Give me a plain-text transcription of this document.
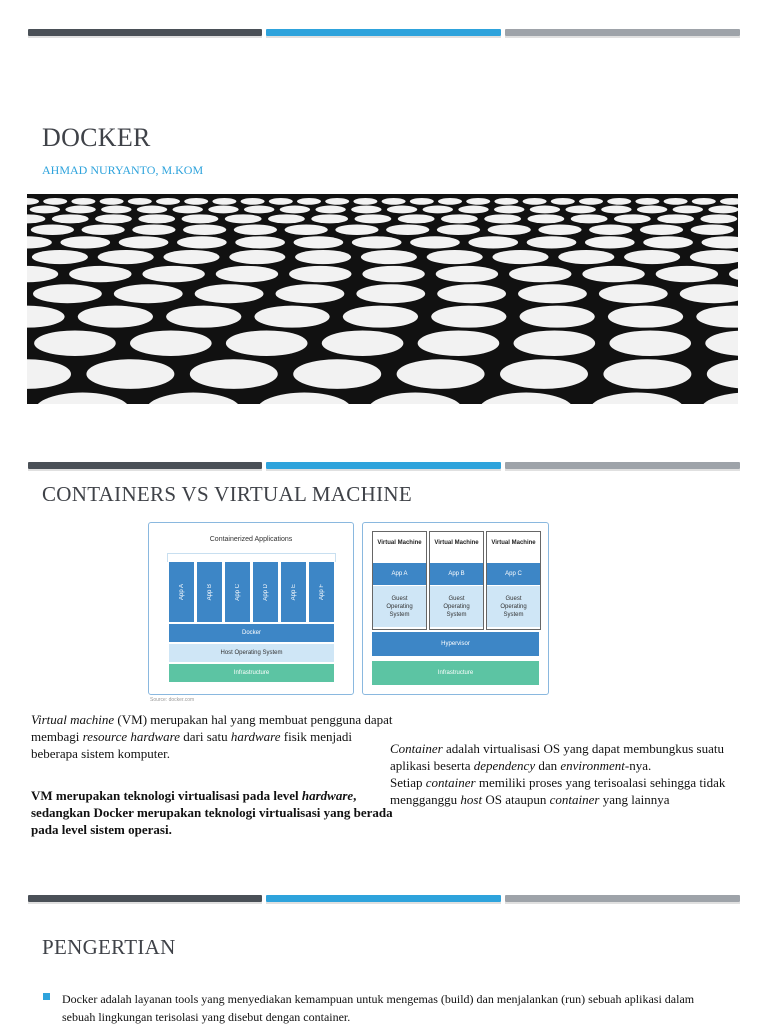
DOCKER
AHMAD NURYANTO, M.KOM
CONTAINERS VS VIRTUAL MACHINE
Containerized Applications
App A	App B	App C	App D	App E	App F
Docker
Host Operating System
Infrastructure
Source: docker.com
Virtual Machine	Virtual Machine	Virtual Machine
App A	App B	App C
Guest
Operating
System
Guest
Operating
System
Guest
Operating
System
Hypervisor
Infrastructure
Virtual machine (VM) merupakan hal yang membuat pengguna dapat membagi resource hardware dari satu hardware fisik menjadi beberapa sistem komputer.
VM merupakan teknologi virtualisasi pada level hardware, sedangkan Docker merupakan teknologi virtualisasi yang berada pada level sistem operasi.
Container adalah virtualisasi OS yang dapat membungkus suatu aplikasi beserta dependency dan environment-nya.
Setiap container memiliki proses yang terisoalasi sehingga tidak mengganggu host OS ataupun container yang lainnya
PENGERTIAN
Docker adalah layanan tools yang menyediakan kemampuan untuk mengemas (build) dan menjalankan (run) sebuah aplikasi dalam sebuah lingkungan terisolasi yang disebut dengan container.
